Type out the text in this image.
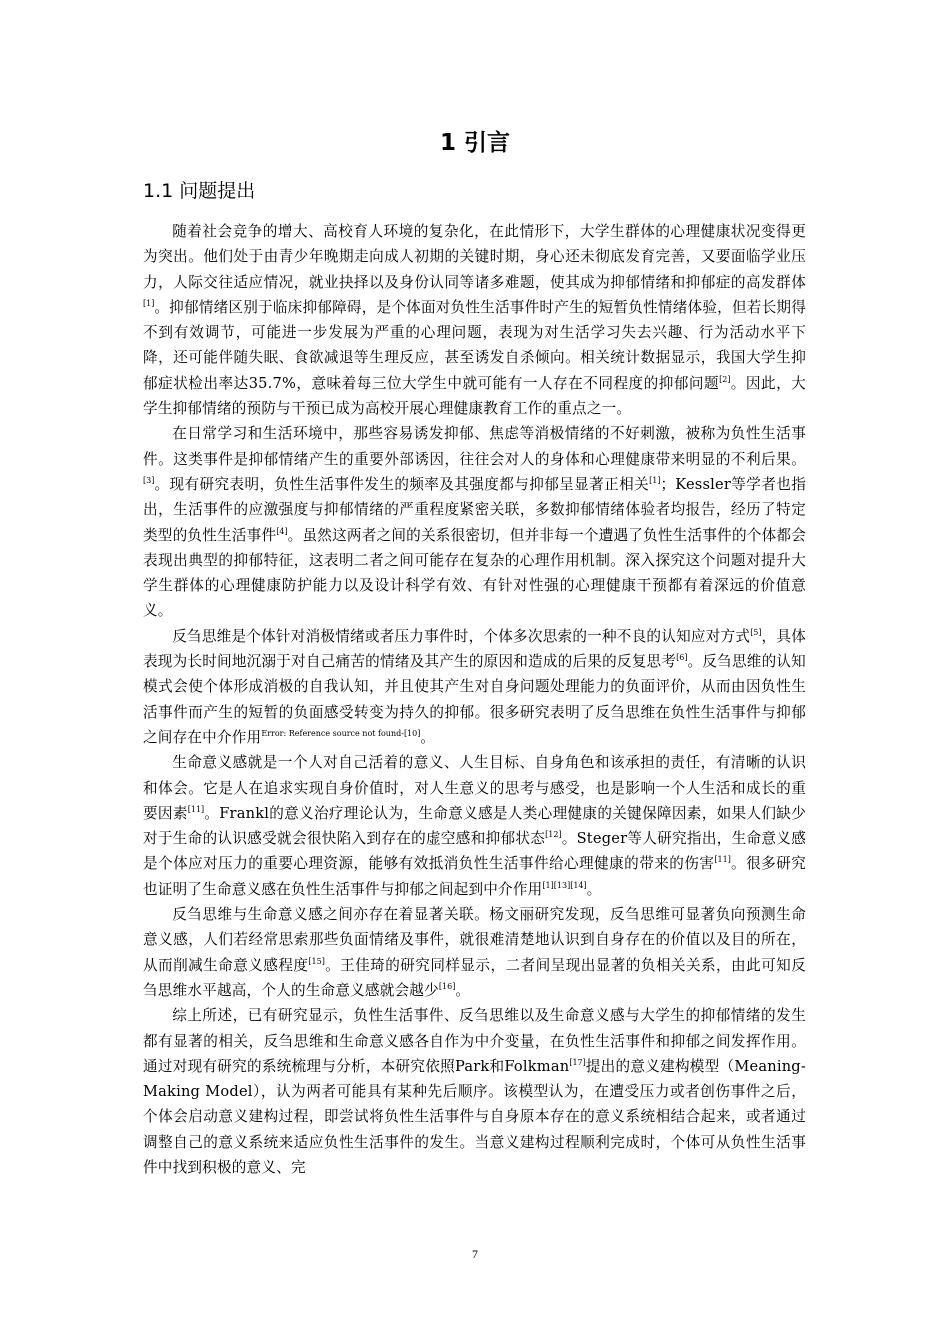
1 引言
1.1 问题提出

随着社会竞争的增大、高校育人环境的复杂化，在此情形下，大学生群体的心理健康状况变得更为突出。他们处于由青少年晚期走向成人初期的关键时期，身心还未彻底发育完善，又要面临学业压力，人际交往适应情况，就业抉择以及身份认同等诸多难题，使其成为抑郁情绪和抑郁症的高发群体[1]。抑郁情绪区别于临床抑郁障碍，是个体面对负性生活事件时产生的短暂负性情绪体验，但若长期得不到有效调节，可能进一步发展为严重的心理问题，表现为对生活学习失去兴趣、行为活动水平下降，还可能伴随失眠、食欲减退等生理反应，甚至诱发自杀倾向。相关统计数据显示，我国大学生抑郁症状检出率达35.7%，意味着每三位大学生中就可能有一人存在不同程度的抑郁问题[2]。因此，大学生抑郁情绪的预防与干预已成为高校开展心理健康教育工作的重点之一。

在日常学习和生活环境中，那些容易诱发抑郁、焦虑等消极情绪的不好刺激，被称为负性生活事件。这类事件是抑郁情绪产生的重要外部诱因，往往会对人的身体和心理健康带来明显的不利后果。[3]。现有研究表明，负性生活事件发生的频率及其强度都与抑郁呈显著正相关[1]；Kessler等学者也指出，生活事件的应激强度与抑郁情绪的严重程度紧密关联，多数抑郁情绪体验者均报告，经历了特定类型的负性生活事件[4]。虽然这两者之间的关系很密切，但并非每一个遭遇了负性生活事件的个体都会表现出典型的抑郁特征，这表明二者之间可能存在复杂的心理作用机制。深入探究这个问题对提升大学生群体的心理健康防护能力以及设计科学有效、有针对性强的心理健康干预都有着深远的价值意义。

反刍思维是个体针对消极情绪或者压力事件时，个体多次思索的一种不良的认知应对方式[5]，具体表现为长时间地沉溺于对自己痛苦的情绪及其产生的原因和造成的后果的反复思考[6]。反刍思维的认知模式会使个体形成消极的自我认知，并且使其产生对自身问题处理能力的负面评价，从而由因负性生活事件而产生的短暂的负面感受转变为持久的抑郁。很多研究表明了反刍思维在负性生活事件与抑郁之间存在中介作用$^{Error: Reference source not found-[10]}$。

生命意义感就是一个人对自己活着的意义、人生目标、自身角色和该承担的责任，有清晰的认识和体会。它是人在追求实现自身价值时，对人生意义的思考与感受，也是影响一个人生活和成长的重要因素[11]。Frankl的意义治疗理论认为，生命意义感是人类心理健康的关键保障因素，如果人们缺少对于生命的认识感受就会很快陷入到存在的虚空感和抑郁状态[12]。Steger等人研究指出，生命意义感是个体应对压力的重要心理资源，能够有效抵消负性生活事件给心理健康的带来的伤害[11]。很多研究也证明了生命意义感在负性生活事件与抑郁之间起到中介作用[1][13][14]。

反刍思维与生命意义感之间亦存在着显著关联。杨文丽研究发现，反刍思维可显著负向预测生命意义感，人们若经常思索那些负面情绪及事件，就很难清楚地认识到自身存在的价值以及目的所在，从而削减生命意义感程度[15]。王佳琦的研究同样显示，二者间呈现出显著的负相关关系，由此可知反刍思维水平越高，个人的生命意义感就会越少[16]。

综上所述，已有研究显示，负性生活事件、反刍思维以及生命意义感与大学生的抑郁情绪的发生都有显著的相关，反刍思维和生命意义感各自作为中介变量，在负性生活事件和抑郁之间发挥作用。通过对现有研究的系统梳理与分析，本研究依照Park和Folkman[17]提出的意义建构模型（Meaning-Making Model），认为两者可能具有某种先后顺序。该模型认为，在遭受压力或者创伤事件之后，个体会启动意义建构过程，即尝试将负性生活事件与自身原本存在的意义系统相结合起来，或者通过调整自己的意义系统来适应负性生活事件的发生。当意义建构过程顺利完成时，个体可从负性生活事件中找到积极的意义、完

7
